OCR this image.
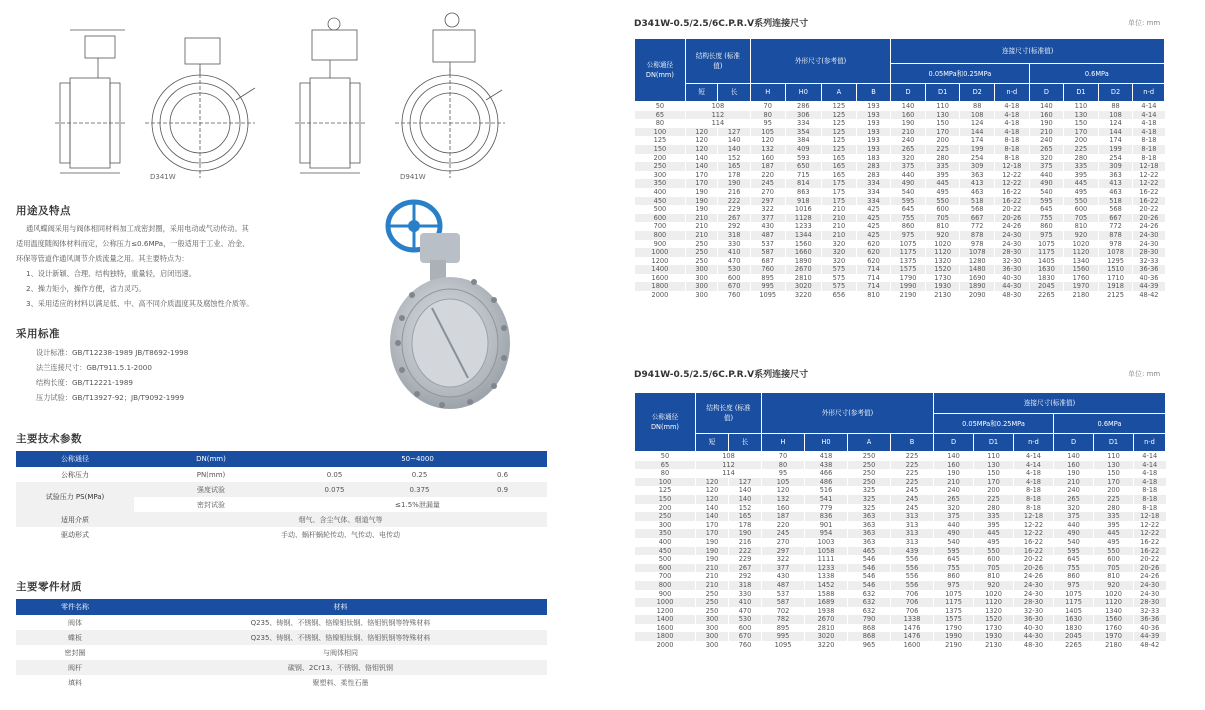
D341W	D941W
用途及特点
通风蝶阀采用与阀体相同材料加工成密封圈，采用电动或气动传动。其
适用温度随阀体材料而定，公称压力≤0.6MPa，一般适用于工业、冶金、
环保等管道作通风调节介质流量之用。其主要特点为：
1、设计新颖、合理、结构独特，重量轻，启闭迅速。
2、操力矩小，操作方便，省力灵巧。
3、采用适应的材料以满足低、中、高不同介质温度其及腐蚀性介质等。
采用标准
设计标准：GB/T12238-1989 JB/T8692-1998
法兰连接尺寸：GB/T911.5.1-2000
结构长度：GB/T12221-1989
压力试验：GB/T13927-92；JB/T9092-1999
主要技术参数
公称通径	DN(mm)	50~4000		
公称压力	PN(mm)	0.05	0.25	0.6
试验压力 PS(MPa)	强度试验	0.075	0.375	0.9
	密封试验	≤1.5%泄漏量		
适用介质	烟气、含尘气体、烟道气等			
驱动形式	手动、蜗杆蜗轮传动、气传动、电传动			
主要零件材质
零件名称	材料
阀体	Q235、铸钢、不锈钢、铬镍钼钛钢、铬钼钒钢等特殊材料
蝶板	Q235、铸钢、不锈钢、铬镍钼钛钢、铬钼钒钢等特殊材料
密封圈	与阀体相同
阀杆	碳钢、2Cr13、不锈钢、铬钼钒钢
填料	聚塑料、柔性石墨
D341W-0.5/2.5/6C.P.R.V系列连接尺寸	单位: mm
公称通径 DN(mm)	结构长度 (标准值)		外形尺寸(参考值)				连接尺寸(标准值)							
							0.05MPa和0.25MPa				0.6MPa			
	短	长	H	H0	A	B	D	D1	D2	n-d	D	D1	D2	n-d
50	108		70	286	125	193	140	110	88	4-18	140	110	88	4-14
65	112		80	306	125	193	160	130	108	4-18	160	130	108	4-14
80	114		95	334	125	193	190	150	124	4-18	190	150	124	4-18
100	120	127	105	354	125	193	210	170	144	4-18	210	170	144	4-18
125	120	140	120	384	125	193	240	200	174	8-18	240	200	174	8-18
150	120	140	132	409	125	193	265	225	199	8-18	265	225	199	8-18
200	140	152	160	593	165	183	320	280	254	8-18	320	280	254	8-18
250	140	165	187	650	165	283	375	335	309	12-18	375	335	309	12-18
300	170	178	220	715	165	283	440	395	363	12-22	440	395	363	12-22
350	170	190	245	814	175	334	490	445	413	12-22	490	445	413	12-22
400	190	216	270	863	175	334	540	495	463	16-22	540	495	463	16-22
450	190	222	297	918	175	334	595	550	518	16-22	595	550	518	16-22
500	190	229	322	1016	210	425	645	600	568	20-22	645	600	568	20-22
600	210	267	377	1128	210	425	755	705	667	20-26	755	705	667	20-26
700	210	292	430	1233	210	425	860	810	772	24-26	860	810	772	24-26
800	210	318	487	1344	210	425	975	920	878	24-30	975	920	878	24-30
900	250	330	537	1560	320	620	1075	1020	978	24-30	1075	1020	978	24-30
1000	250	410	587	1660	320	620	1175	1120	1078	28-30	1175	1120	1078	28-30
1200	250	470	687	1890	320	620	1375	1320	1280	32-30	1405	1340	1295	32-33
1400	300	530	760	2670	575	714	1575	1520	1480	36-30	1630	1560	1510	36-36
1600	300	600	895	2810	575	714	1790	1730	1690	40-30	1830	1760	1710	40-36
1800	300	670	995	3020	575	714	1990	1930	1890	44-30	2045	1970	1918	44-39
2000	300	760	1095	3220	656	810	2190	2130	2090	48-30	2265	2180	2125	48-42
D941W-0.5/2.5/6C.P.R.V系列连接尺寸	单位: mm
公称通径 DN(mm)	结构长度 (标准值)		外形尺寸(参考值)				连接尺寸(标准值)					
							0.05MPa和0.25MPa			0.6MPa		
	短	长	H	H0	A	B	D	D1	n-d	D	D1	n-d
50	108		70	418	250	225	140	110	4-14	140	110	4-14
65	112		80	438	250	225	160	130	4-14	160	130	4-14
80	114		95	466	250	225	190	150	4-18	190	150	4-18
100	120	127	105	486	250	225	210	170	4-18	210	170	4-18
125	120	140	120	516	325	245	240	200	8-18	240	200	8-18
150	120	140	132	541	325	245	265	225	8-18	265	225	8-18
200	140	152	160	779	325	245	320	280	8-18	320	280	8-18
250	140	165	187	836	363	313	375	335	12-18	375	335	12-18
300	170	178	220	901	363	313	440	395	12-22	440	395	12-22
350	170	190	245	954	363	313	490	445	12-22	490	445	12-22
400	190	216	270	1003	363	313	540	495	16-22	540	495	16-22
450	190	222	297	1058	465	439	595	550	16-22	595	550	16-22
500	190	229	322	1111	546	556	645	600	20-22	645	600	20-22
600	210	267	377	1233	546	556	755	705	20-26	755	705	20-26
700	210	292	430	1338	546	556	860	810	24-26	860	810	24-26
800	210	318	487	1452	546	556	975	920	24-30	975	920	24-30
900	250	330	537	1588	632	706	1075	1020	24-30	1075	1020	24-30
1000	250	410	587	1689	632	706	1175	1120	28-30	1175	1120	28-30
1200	250	470	702	1938	632	706	1375	1320	32-30	1405	1340	32-33
1400	300	530	782	2670	790	1338	1575	1520	36-30	1630	1560	36-36
1600	300	600	895	2810	868	1476	1790	1730	40-30	1830	1760	40-36
1800	300	670	995	3020	868	1476	1990	1930	44-30	2045	1970	44-39
2000	300	760	1095	3220	965	1600	2190	2130	48-30	2265	2180	48-42
